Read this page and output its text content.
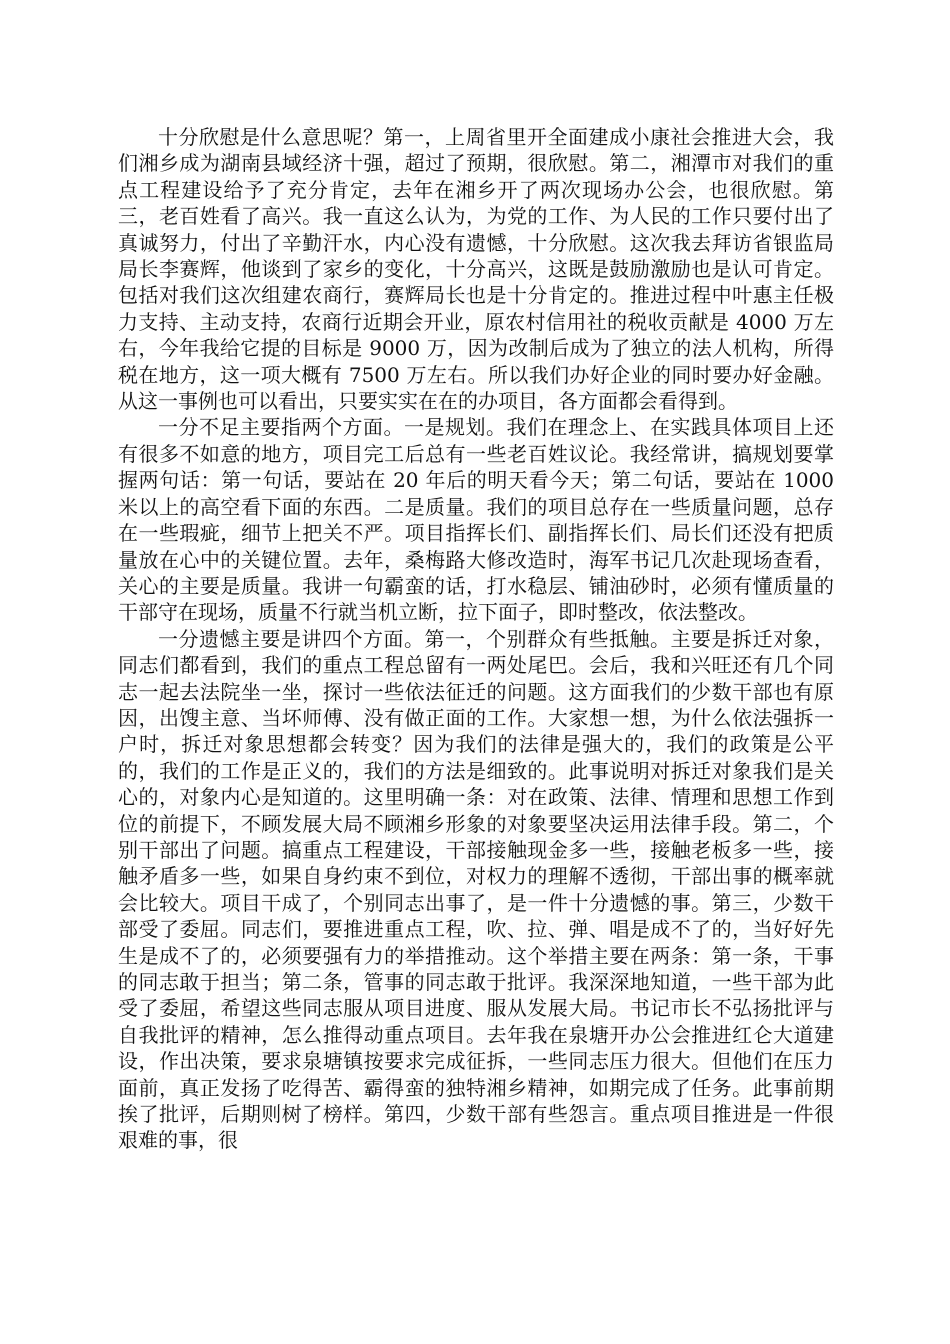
十分欣慰是什么意思呢？第一，上周省里开全面建成小康社会推进大会，我们湘乡成为湖南县域经济十强，超过了预期，很欣慰。第二，湘潭市对我们的重点工程建设给予了充分肯定，去年在湘乡开了两次现场办公会，也很欣慰。第三，老百姓看了高兴。我一直这么认为，为党的工作、为人民的工作只要付出了真诚努力，付出了辛勤汗水，内心没有遗憾，十分欣慰。这次我去拜访省银监局局长李赛辉，他谈到了家乡的变化，十分高兴，这既是鼓励激励也是认可肯定。包括对我们这次组建农商行，赛辉局长也是十分肯定的。推进过程中叶惠主任极力支持、主动支持，农商行近期会开业，原农村信用社的税收贡献是 4000 万左右，今年我给它提的目标是 9000 万，因为改制后成为了独立的法人机构，所得税在地方，这一项大概有 7500 万左右。所以我们办好企业的同时要办好金融。从这一事例也可以看出，只要实实在在的办项目，各方面都会看得到。

一分不足主要指两个方面。一是规划。我们在理念上、在实践具体项目上还有很多不如意的地方，项目完工后总有一些老百姓议论。我经常讲，搞规划要掌握两句话：第一句话，要站在 20 年后的明天看今天；第二句话，要站在 1000 米以上的高空看下面的东西。二是质量。我们的项目总存在一些质量问题，总存在一些瑕疵，细节上把关不严。项目指挥长们、副指挥长们、局长们还没有把质量放在心中的关键位置。去年，桑梅路大修改造时，海军书记几次赴现场查看，关心的主要是质量。我讲一句霸蛮的话，打水稳层、铺油砂时，必须有懂质量的干部守在现场，质量不行就当机立断，拉下面子，即时整改，依法整改。

一分遗憾主要是讲四个方面。第一，个别群众有些抵触。主要是拆迁对象，同志们都看到，我们的重点工程总留有一两处尾巴。会后，我和兴旺还有几个同志一起去法院坐一坐，探讨一些依法征迁的问题。这方面我们的少数干部也有原因，出馊主意、当坏师傅、没有做正面的工作。大家想一想，为什么依法强拆一户时，拆迁对象思想都会转变？因为我们的法律是强大的，我们的政策是公平的，我们的工作是正义的，我们的方法是细致的。此事说明对拆迁对象我们是关心的，对象内心是知道的。这里明确一条：对在政策、法律、情理和思想工作到位的前提下，不顾发展大局不顾湘乡形象的对象要坚决运用法律手段。第二，个别干部出了问题。搞重点工程建设，干部接触现金多一些，接触老板多一些，接触矛盾多一些，如果自身约束不到位，对权力的理解不透彻，干部出事的概率就会比较大。项目干成了，个别同志出事了，是一件十分遗憾的事。第三，少数干部受了委屈。同志们，要推进重点工程，吹、拉、弹、唱是成不了的，当好好先生是成不了的，必须要强有力的举措推动。这个举措主要在两条：第一条，干事的同志敢于担当；第二条，管事的同志敢于批评。我深深地知道，一些干部为此受了委屈，希望这些同志服从项目进度、服从发展大局。书记市长不弘扬批评与自我批评的精神，怎么推得动重点项目。去年我在泉塘开办公会推进红仑大道建设，作出决策，要求泉塘镇按要求完成征拆，一些同志压力很大。但他们在压力面前，真正发扬了吃得苦、霸得蛮的独特湘乡精神，如期完成了任务。此事前期挨了批评，后期则树了榜样。第四，少数干部有些怨言。重点项目推进是一件很艰难的事，很
